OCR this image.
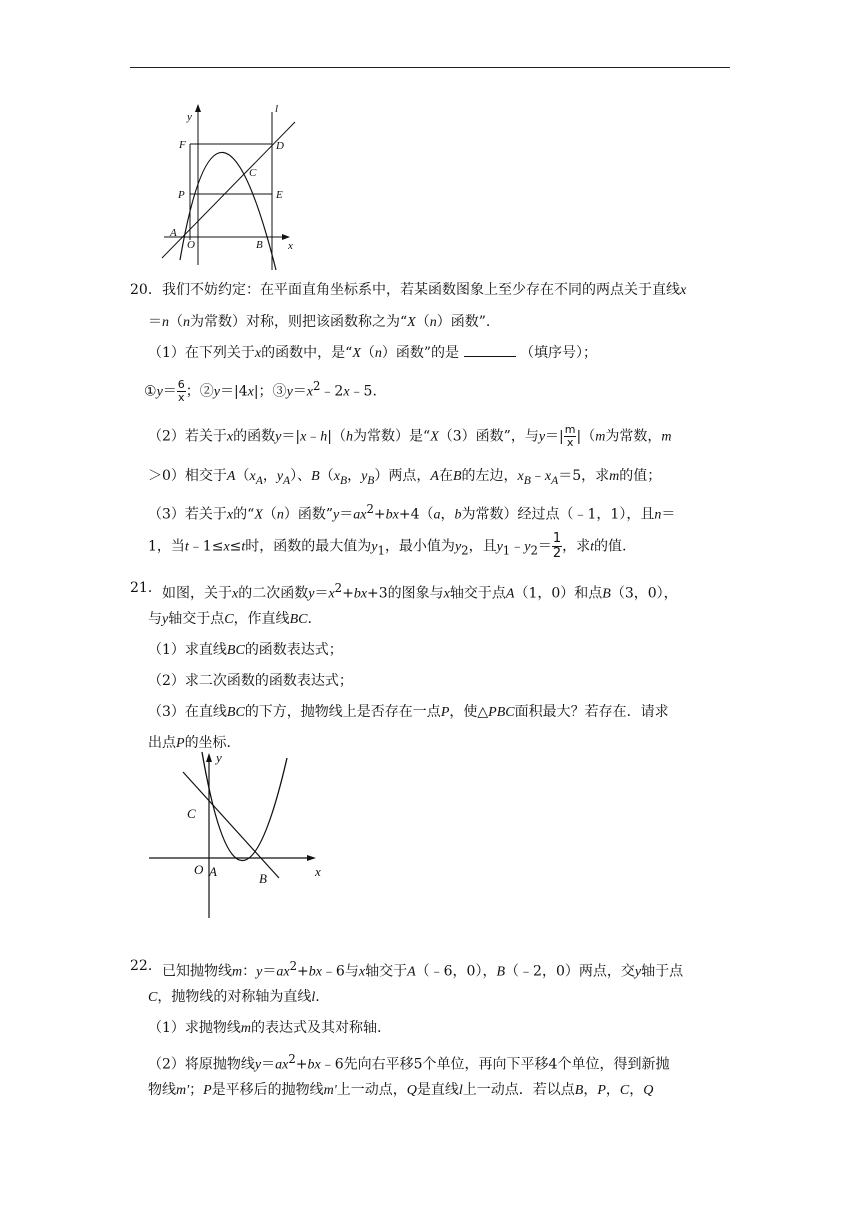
y
l
F	D
C
P	E
A
O	B x
20． 我们不妨约定：在平面直角坐标系中，若某函数图象上至少存在不同的两点关于直线x
＝n（n为常数）对称，则把该函数称之为“X（n）函数”.
（1）在下列关于x的函数中，是“X（n）函数”的是	（填序号）；
①y＝ $\frac{6}{x}$ ；②y＝|4x|；$③y=x^2﹣2x﹣5$.
（2）若关于x的函数y＝|x﹣h|（h为常数）是“X（3）函数”，与$y=| \frac{m}{x} |(m$为常数，m
＞0）相交于$A(x_A$，$y_A$）、$B(x_B$，$y_B$）两点，A在B的左边，$x_B﹣x_A=5$，求m的值；
（3）若关于x的“X（n）函数$”y=ax^2+bx+4(a$，b为常数）经过点（﹣1，1），且n＝
1，当t﹣1≤x≤t时，函数的最大值为$y_1$，最小值为$y_2$，且$y_1﹣y_2= \frac{1}{2}$ ，求t的值.
21． 如图，关于x的二次函数$y=x^2+bx+3$的图象与x轴交于点A（1，0）和点B（3，0），
与y轴交于点C，作直线BC.
（1）求直线BC的函数表达式；
（2）求二次函数的函数表达式；
（3）在直线BC的下方，抛物线上是否存在一点P，使△PBC面积最大？若存在．请求
出点P的坐标.
y
C
O A	B	x
22． 已知抛物线m：$y=ax^2+bx﹣6$与x轴交于A（﹣6，0），B（﹣2，0）两点，交y轴于点
C，抛物线的对称轴为直线l.
（1）求抛物线m的表达式及其对称轴.
（2）将原抛物线$y=ax^2+bx﹣6$先向右平移5个单位，再向下平移4个单位，得到新抛
物线m'；P是平移后的抛物线m'上一动点，Q是直线l上一动点．若以点B，P，C，Q
